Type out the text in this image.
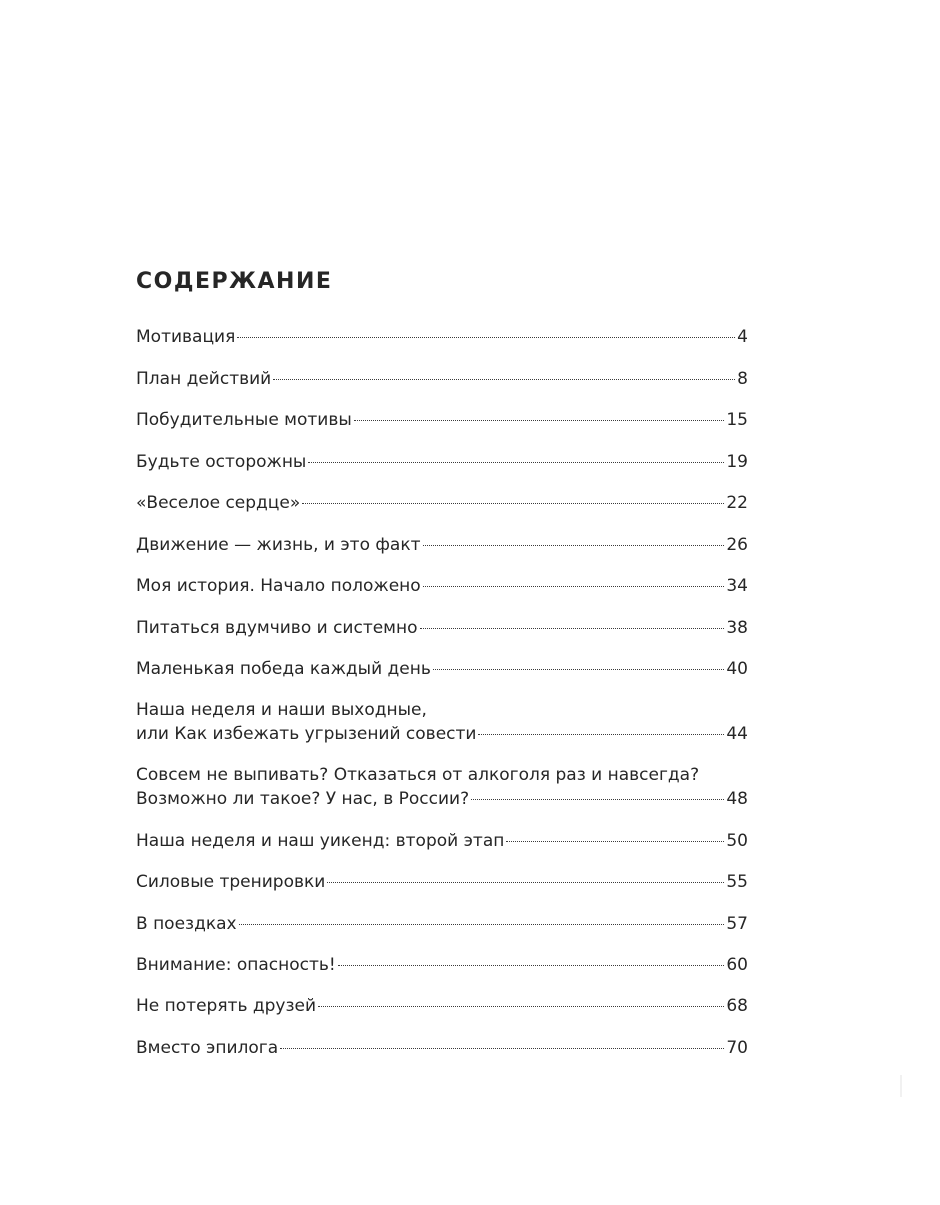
СОДЕРЖАНИЕ
Мотивация	4
План действий	8
Побудительные мотивы	15
Будьте осторожны	19
«Веселое сердце»	22
Движение — жизнь, и это факт	26
Моя история. Начало положено	34
Питаться вдумчиво и системно	38
Маленькая победа каждый день	40
Наша неделя и наши выходные,
или Как избежать угрызений совести	44
Совсем не выпивать? Отказаться от алкоголя раз и навсегда?
Возможно ли такое? У нас, в России?	48
Наша неделя и наш уикенд: второй этап	50
Силовые тренировки	55
В поездках	57
Внимание: опасность!	60
Не потерять друзей	68
Вместо эпилога	70
